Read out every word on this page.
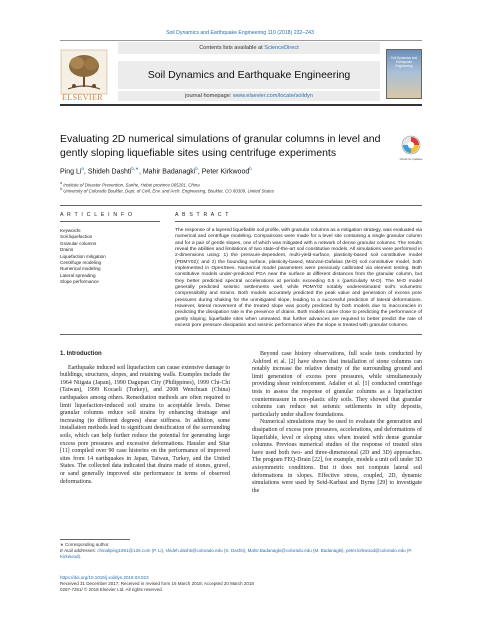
Soil Dynamics and Earthquake Engineering 110 (2018) 232–243
Contents lists available at ScienceDirect
ELSEVIER
Soil Dynamics and Earthquake Engineering
journal homepage: www.elsevier.com/locate/soildyn
Soil Dynamics and Earthquake Engineering
Evaluating 2D numerical simulations of granular columns in level and gently sloping liquefiable sites using centrifuge experiments
Check for updates
Ping Li$^a$, Shideh Dashti$^{b,∗}$, Mahir Badanagki$^b$, Peter Kirkwood$^b$
$^a$ Institute of Disaster Prevention, Sanhe, Hebei province 065201, China
$^b$ University of Colorado Boulder, Dept. of Civil, Env. and Arch. Engineering, Boulder, CO 80309, United States
A R T I C L E I N F O	A B S T R A C T
Keywords:
Soil liquefaction
Granular columns
Drains
Liquefaction mitigation
Centrifuge modeling
Numerical modeling
Lateral spreading
Slope performance
The response of a layered liquefiable soil profile, with granular columns as a mitigation strategy, was evaluated via numerical and centrifuge modeling. Comparisons were made for a level site containing a single granular column and for a pair of gentle slopes, one of which was mitigated with a network of dense granular columns. The results reveal the abilities and limitations of two state-of-the-art soil constitutive models. All simulations were performed in 2-dimensions using: 1) the pressure-dependent, multi-yield-surface, plasticity-based soil constitutive model (PDMY02); and 2) the bounding surface, plasticity-based, Manzari-Dafalias (M-D) soil constitutive model, both implemented in OpenSees. Numerical model parameters were previously calibrated via element testing. Both constitutive models under-predicted PGA near the surface at different distances from the granular column, but they better predicted spectral accelerations at periods exceeding 0.5 s (particularly M-D). The M-D model generally predicted seismic settlements well, while PDMY02 notably underestimated soil's volumetric compressibility and strains. Both models accurately predicted the peak value and generation of excess pore pressures during shaking for the unmitigated slope, leading to a successful prediction of lateral deformations. However, lateral movement of the treated slope was poorly predicted by both models due to inaccuracies in predicting the dissipation rate in the presence of drains. Both models came close to predicting the performance of gently sloping, liquefiable sites when untreated. But further advances are required to better predict the rate of excess pore pressure dissipation and seismic performance when the slope is treated with granular columns.
1. Introduction

Earthquake induced soil liquefaction can cause extensive damage to buildings, structures, slopes, and retaining walls. Examples include the 1964 Niigata (Japan), 1990 Dagupan City (Philippines), 1999 Chi-Chi (Taiwan), 1999 Kocaeli (Turkey), and 2008 Wenchuan (China) earthquakes among others. Remediation methods are often required to limit liquefaction-induced soil strains to acceptable levels. Dense granular columns reduce soil strains by enhancing drainage and increasing (to different degrees) shear stiffness. In addition, some installation methods lead to significant densification of the surrounding soils, which can help further reduce the potential for generating large excess pore pressures and excessive deformations. Hausler and Sitar [11] compiled over 90 case histories on the performance of improved sites from 14 earthquakes in Japan, Taiwan, Turkey, and the United States. The collected data indicated that drains made of stones, gravel, or sand generally improved site performance in terms of observed deformations.

Beyond case history observations, full scale tests conducted by Ashford et al. [2] have shown that installation of stone columns can notably increase the relative density of the surrounding ground and limit generation of excess pore pressures, while simultaneously providing shear reinforcement. Adalier et al. [1] conducted centrifuge tests to assess the response of granular columns as a liquefaction countermeasure in non-plastic silty soils. They showed that granular columns can reduce net seismic settlements in silty deposits, particularly under shallow foundations.

Numerical simulations may be used to evaluate the generation and dissipation of excess pore pressures, accelerations, and deformations of liquefiable, level or sloping sites when treated with dense granular columns. Previous numerical studies of the response of treated sites have used both two- and three-dimensional (2D and 3D) approaches. The program FEQ-Drain [22], for example, models a unit cell under 3D axisymmetric conditions. But it does not compute lateral soil deformations in slopes. Effective stress, coupled, 2D, dynamic simulations were used by Seid-Karbasi and Byrne [29] to investigate the

∗ Corresponding author.
E-mail addresses: chinaliping1981@126.com (P. Li), shideh.dashti@colorado.edu (S. Dashti), Mahir.Badanagki@colorado.edu (M. Badanagki), peter.kirkwood@colorado.edu (P. Kirkwood).
https://doi.org/10.1016/j.soildyn.2018.03.023
Received 31 December 2017; Received in revised form 16 March 2018; Accepted 20 March 2018
0267-7261/ © 2018 Elsevier Ltd. All rights reserved.
